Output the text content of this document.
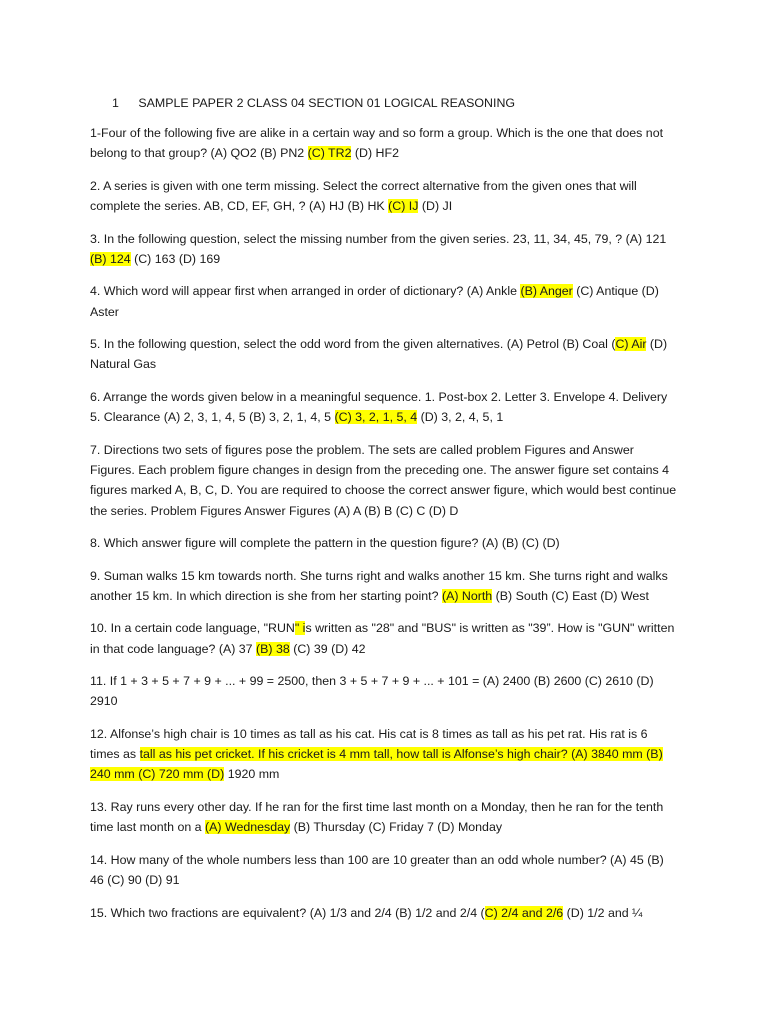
1 SAMPLE PAPER 2 CLASS 04 SECTION 01 LOGICAL REASONING

1-Four of the following five are alike in a certain way and so form a group. Which is the one that does not belong to that group? (A) QO2 (B) PN2 (C) TR2 (D) HF2

2. A series is given with one term missing. Select the correct alternative from the given ones that will complete the series. AB, CD, EF, GH, ? (A) HJ (B) HK (C) IJ (D) JI

3. In the following question, select the missing number from the given series. 23, 11, 34, 45, 79, ? (A) 121 (B) 124 (C) 163 (D) 169

4. Which word will appear first when arranged in order of dictionary? (A) Ankle (B) Anger (C) Antique (D) Aster

5. In the following question, select the odd word from the given alternatives. (A) Petrol (B) Coal (C) Air (D) Natural Gas

6. Arrange the words given below in a meaningful sequence. 1. Post-box 2. Letter 3. Envelope 4. Delivery 5. Clearance (A) 2, 3, 1, 4, 5 (B) 3, 2, 1, 4, 5 (C) 3, 2, 1, 5, 4 (D) 3, 2, 4, 5, 1

7. Directions two sets of figures pose the problem. The sets are called problem Figures and Answer Figures. Each problem figure changes in design from the preceding one. The answer figure set contains 4 figures marked A, B, C, D. You are required to choose the correct answer figure, which would best continue the series. Problem Figures Answer Figures (A) A (B) B (C) C (D) D

8. Which answer figure will complete the pattern in the question figure? (A) (B) (C) (D)

9. Suman walks 15 km towards north. She turns right and walks another 15 km. She turns right and walks another 15 km. In which direction is she from her starting point? (A) North (B) South (C) East (D) West

10. In a certain code language, "RUN" is written as "28" and "BUS" is written as "39”. How is "GUN" written in that code language? (A) 37 (B) 38 (C) 39 (D) 42

11. If 1 + 3 + 5 + 7 + 9 + ... + 99 = 2500, then 3 + 5 + 7 + 9 + ... + 101 = (A) 2400 (B) 2600 (C) 2610 (D) 2910

12. Alfonse’s high chair is 10 times as tall as his cat. His cat is 8 times as tall as his pet rat. His rat is 6 times as tall as his pet cricket. If his cricket is 4 mm tall, how tall is Alfonse’s high chair? (A) 3840 mm (B) 240 mm (C) 720 mm (D) 1920 mm

13. Ray runs every other day. If he ran for the first time last month on a Monday, then he ran for the tenth time last month on a (A) Wednesday (B) Thursday (C) Friday 7 (D) Monday

14. How many of the whole numbers less than 100 are 10 greater than an odd whole number? (A) 45 (B) 46 (C) 90 (D) 91

15. Which two fractions are equivalent? (A) 1/3 and 2/4 (B) 1/2 and 2/4 (C) 2/4 and 2/6 (D) 1/2 and ¼
